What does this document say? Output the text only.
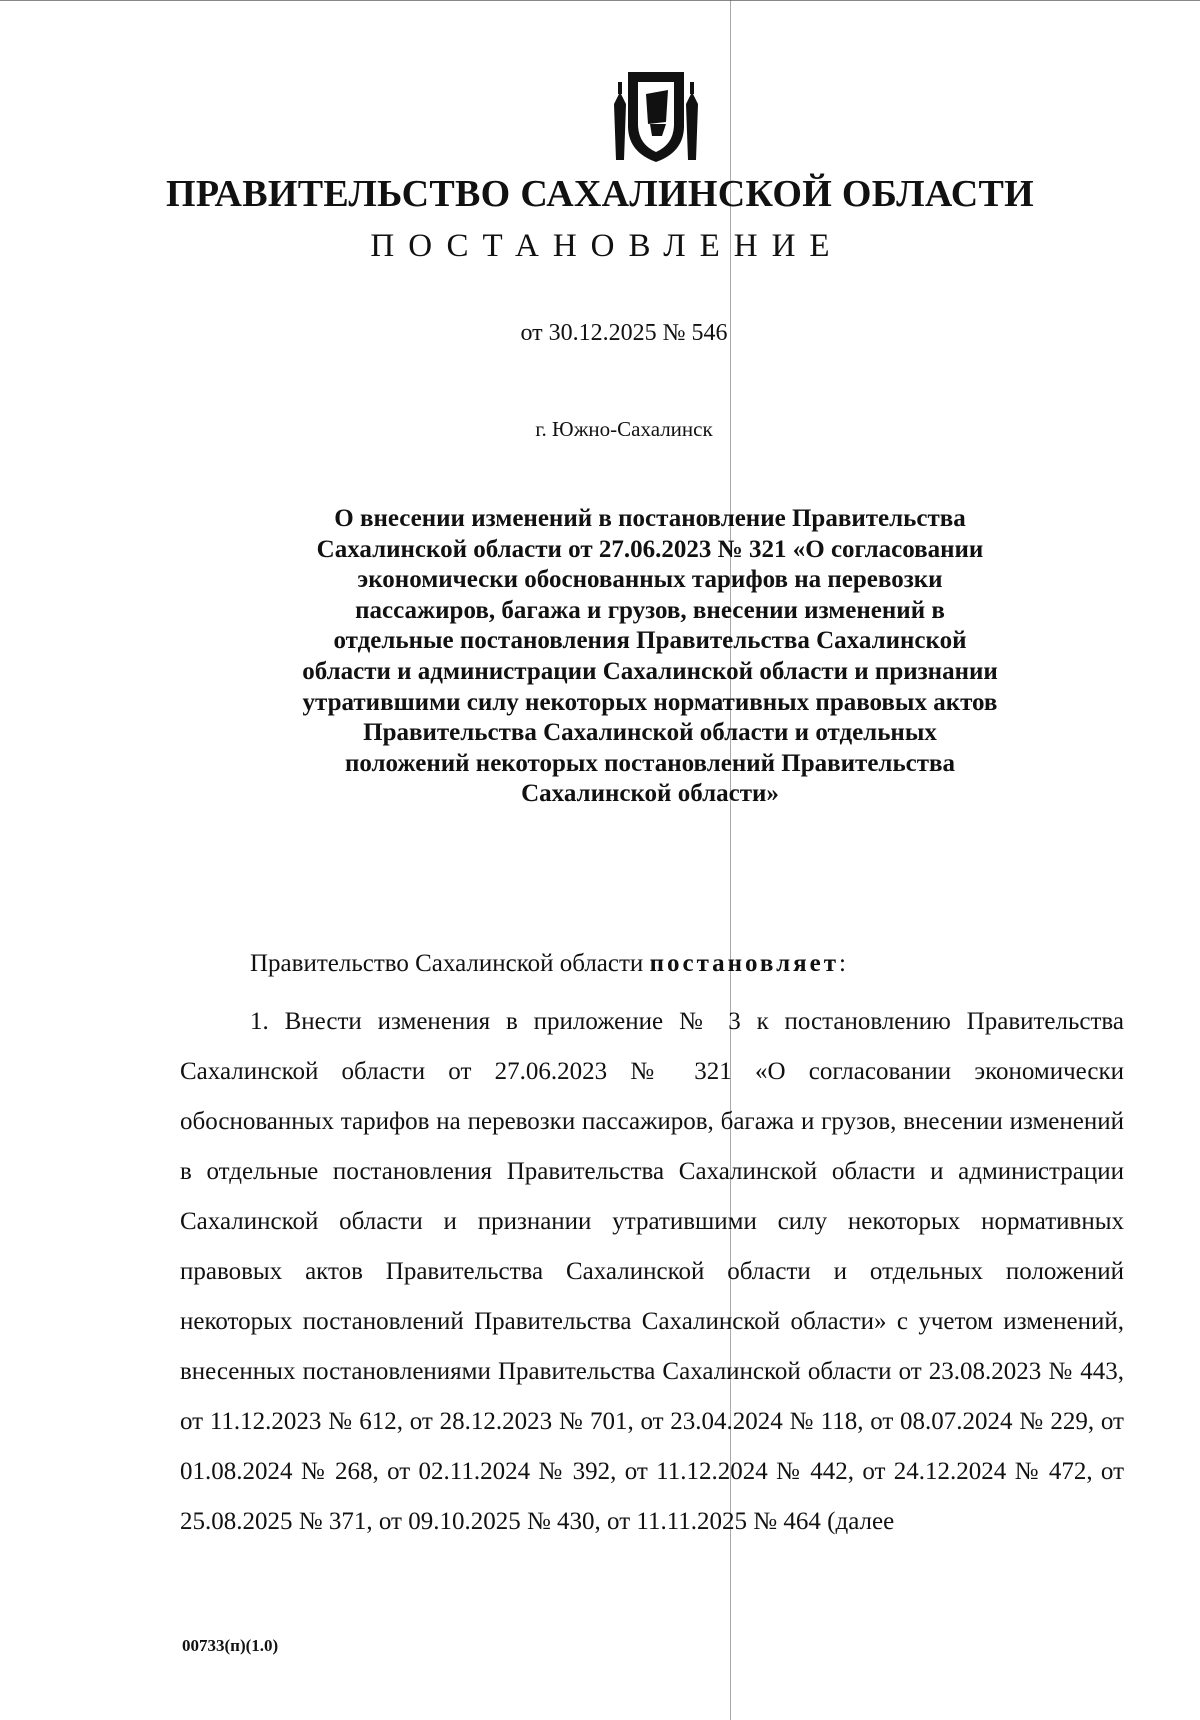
ПРАВИТЕЛЬСТВО САХАЛИНСКОЙ ОБЛАСТИ
ПОСТАНОВЛЕНИЕ
от 30.12.2025 № 546
г. Южно-Сахалинск
О внесении изменений в постановление Правительства Сахалинской области от 27.06.2023 № 321 «О согласовании экономически обоснованных тарифов на перевозки пассажиров, багажа и грузов, внесении изменений в отдельные постановления Правительства Сахалинской области и администрации Сахалинской области и признании утратившими силу некоторых нормативных правовых актов Правительства Сахалинской области и отдельных положений некоторых постановлений Правительства Сахалинской области»
Правительство Сахалинской области постановляет:
1. Внести изменения в приложение № 3 к постановлению Правительства Сахалинской области от 27.06.2023 № 321 «О согласовании экономически обоснованных тарифов на перевозки пассажиров, багажа и грузов, внесении изменений в отдельные постановления Правительства Сахалинской области и администрации Сахалинской области и признании утратившими силу некоторых нормативных правовых актов Правительства Сахалинской области и отдельных положений некоторых постановлений Правительства Сахалинской области» с учетом изменений, внесенных постановлениями Правительства Сахалинской области от 23.08.2023 № 443, от 11.12.2023 № 612, от 28.12.2023 № 701, от 23.04.2024 № 118, от 08.07.2024 № 229, от 01.08.2024 № 268, от 02.11.2024 № 392, от 11.12.2024 № 442, от 24.12.2024 № 472, от 25.08.2025 № 371, от 09.10.2025 № 430, от 11.11.2025 № 464 (далее
00733(п)(1.0)
